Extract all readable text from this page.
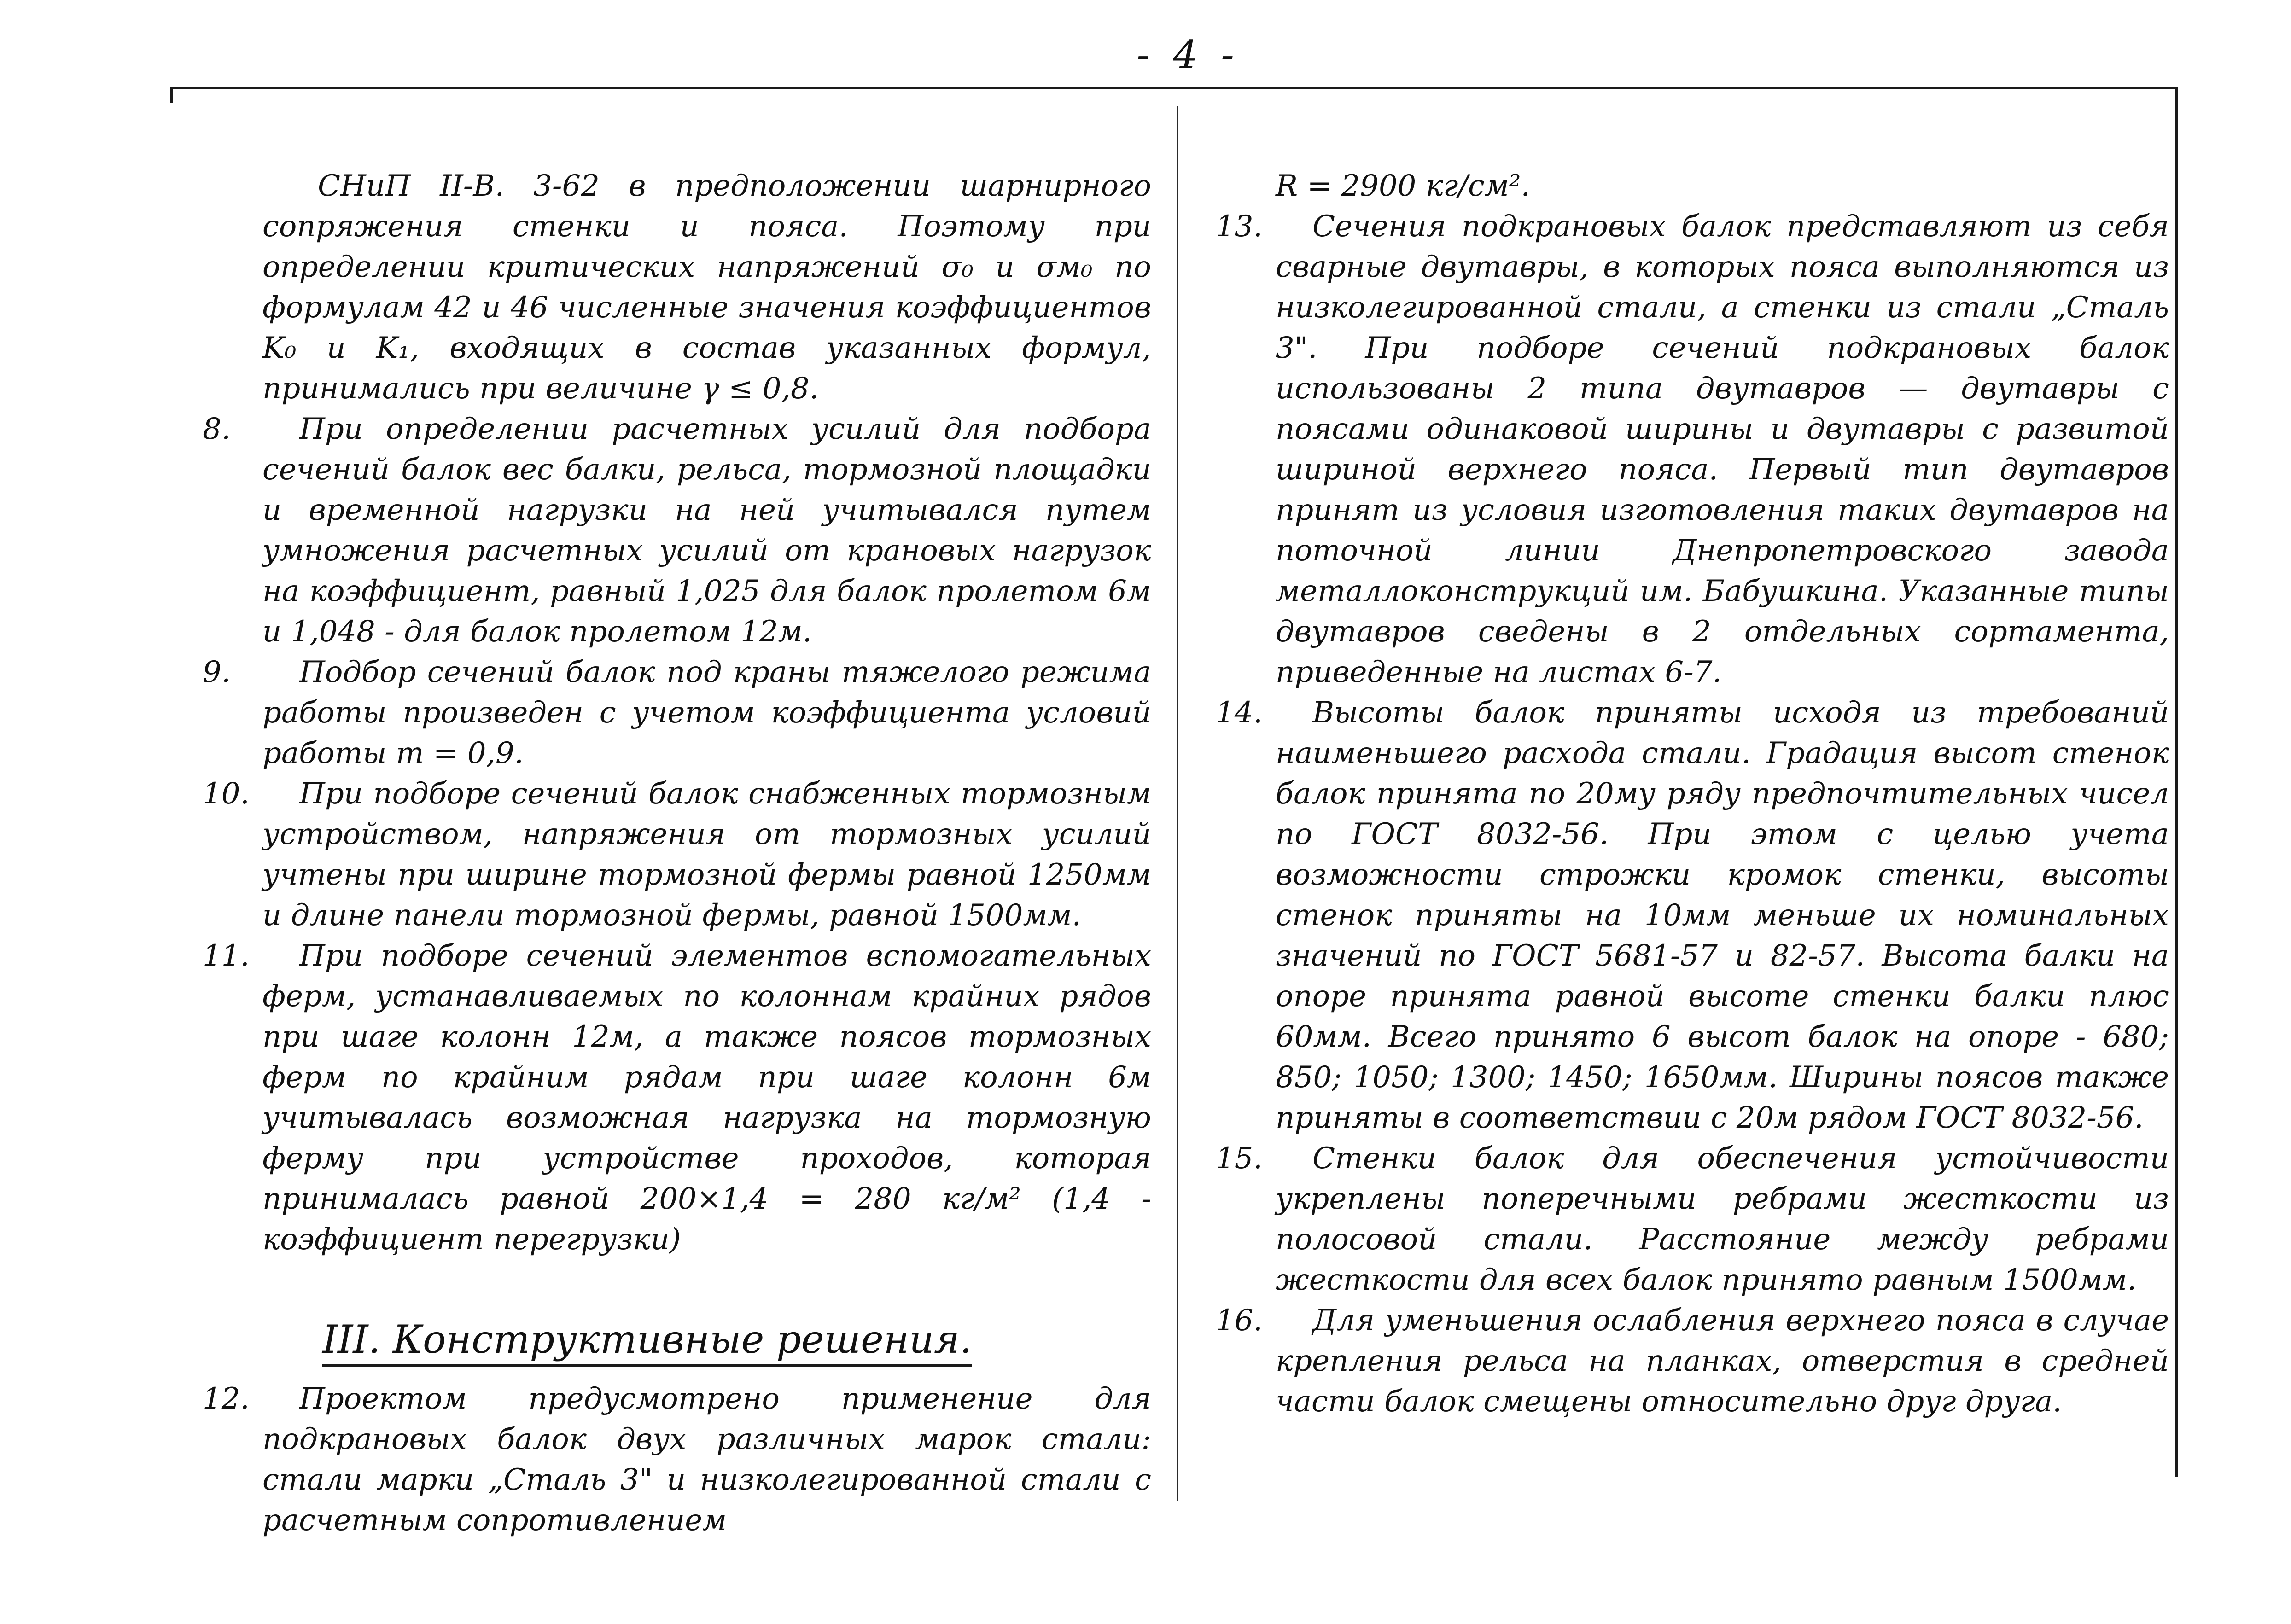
- 4 -

СНиП II-В. 3-62 в предположении шарнирного сопряжения стенки и пояса. Поэтому при определении критических напряжений σ₀ и σм₀ по формулам 42 и 46 численные значения коэффициентов K₀ и K₁, входящих в состав указанных формул, принимались при величине γ ≤ 0,8.

8.	При определении расчетных усилий для подбора сечений балок вес балки, рельса, тормозной площадки и временной нагрузки на ней учитывался путем умножения расчетных усилий от крановых нагрузок на коэффициент, равный 1,025 для балок пролетом 6м и 1,048 - для балок пролетом 12м.

9.	Подбор сечений балок под краны тяжелого режима работы произведен с учетом коэффициента условий работы m = 0,9.

10. При подборе сечений балок снабженных тормозным устройством, напряжения от тормозных усилий учтены при ширине тормозной фермы равной 1250мм и длине панели тормозной фермы, равной 1500мм.

11. При подборе сечений элементов вспомогательных ферм, устанавливаемых по колоннам крайних рядов при шаге колонн 12м, а также поясов тормозных ферм по крайним рядам при шаге колонн 6м учитывалась возможная нагрузка на тормозную ферму при устройстве проходов, которая принималась равной 200×1,4 = 280 кг/м² (1,4 - коэффициент перегрузки)

III. Конструктивные решения.

12. Проектом предусмотрено применение для подкрановых балок двух различных марок стали: стали марки „Сталь 3" и низколегированной стали с расчетным сопротивлением

R = 2900 кг/см².

13. Сечения подкрановых балок представляют из себя сварные двутавры, в которых пояса выполняются из низколегированной стали, а стенки из стали „Сталь 3". При подборе сечений подкрановых балок использованы 2 типа двутавров — двутавры с поясами одинаковой ширины и двутавры с развитой шириной верхнего пояса. Первый тип двутавров принят из условия изготовления таких двутавров на поточной линии Днепропетровского завода металлоконструкций им. Бабушкина. Указанные типы двутавров сведены в 2 отдельных сортамента, приведенные на листах 6-7.

14. Высоты балок приняты исходя из требований наименьшего расхода стали. Градация высот стенок балок принята по 20му ряду предпочтительных чисел по ГОСТ 8032-56. При этом с целью учета возможности строжки кромок стенки, высоты стенок приняты на 10мм меньше их номинальных значений по ГОСТ 5681-57 и 82-57. Высота балки на опоре принята равной высоте стенки балки плюс 60мм. Всего принято 6 высот балок на опоре - 680; 850; 1050; 1300; 1450; 1650мм. Ширины поясов также приняты в соответствии с 20м рядом ГОСТ 8032-56.

15. Стенки балок для обеспечения устойчивости укреплены поперечными ребрами жесткости из полосовой стали. Расстояние между ребрами жесткости для всех балок принято равным 1500мм.

16. Для уменьшения ослабления верхнего пояса в случае крепления рельса на планках, отверстия в средней части балок смещены относительно друг друга.
